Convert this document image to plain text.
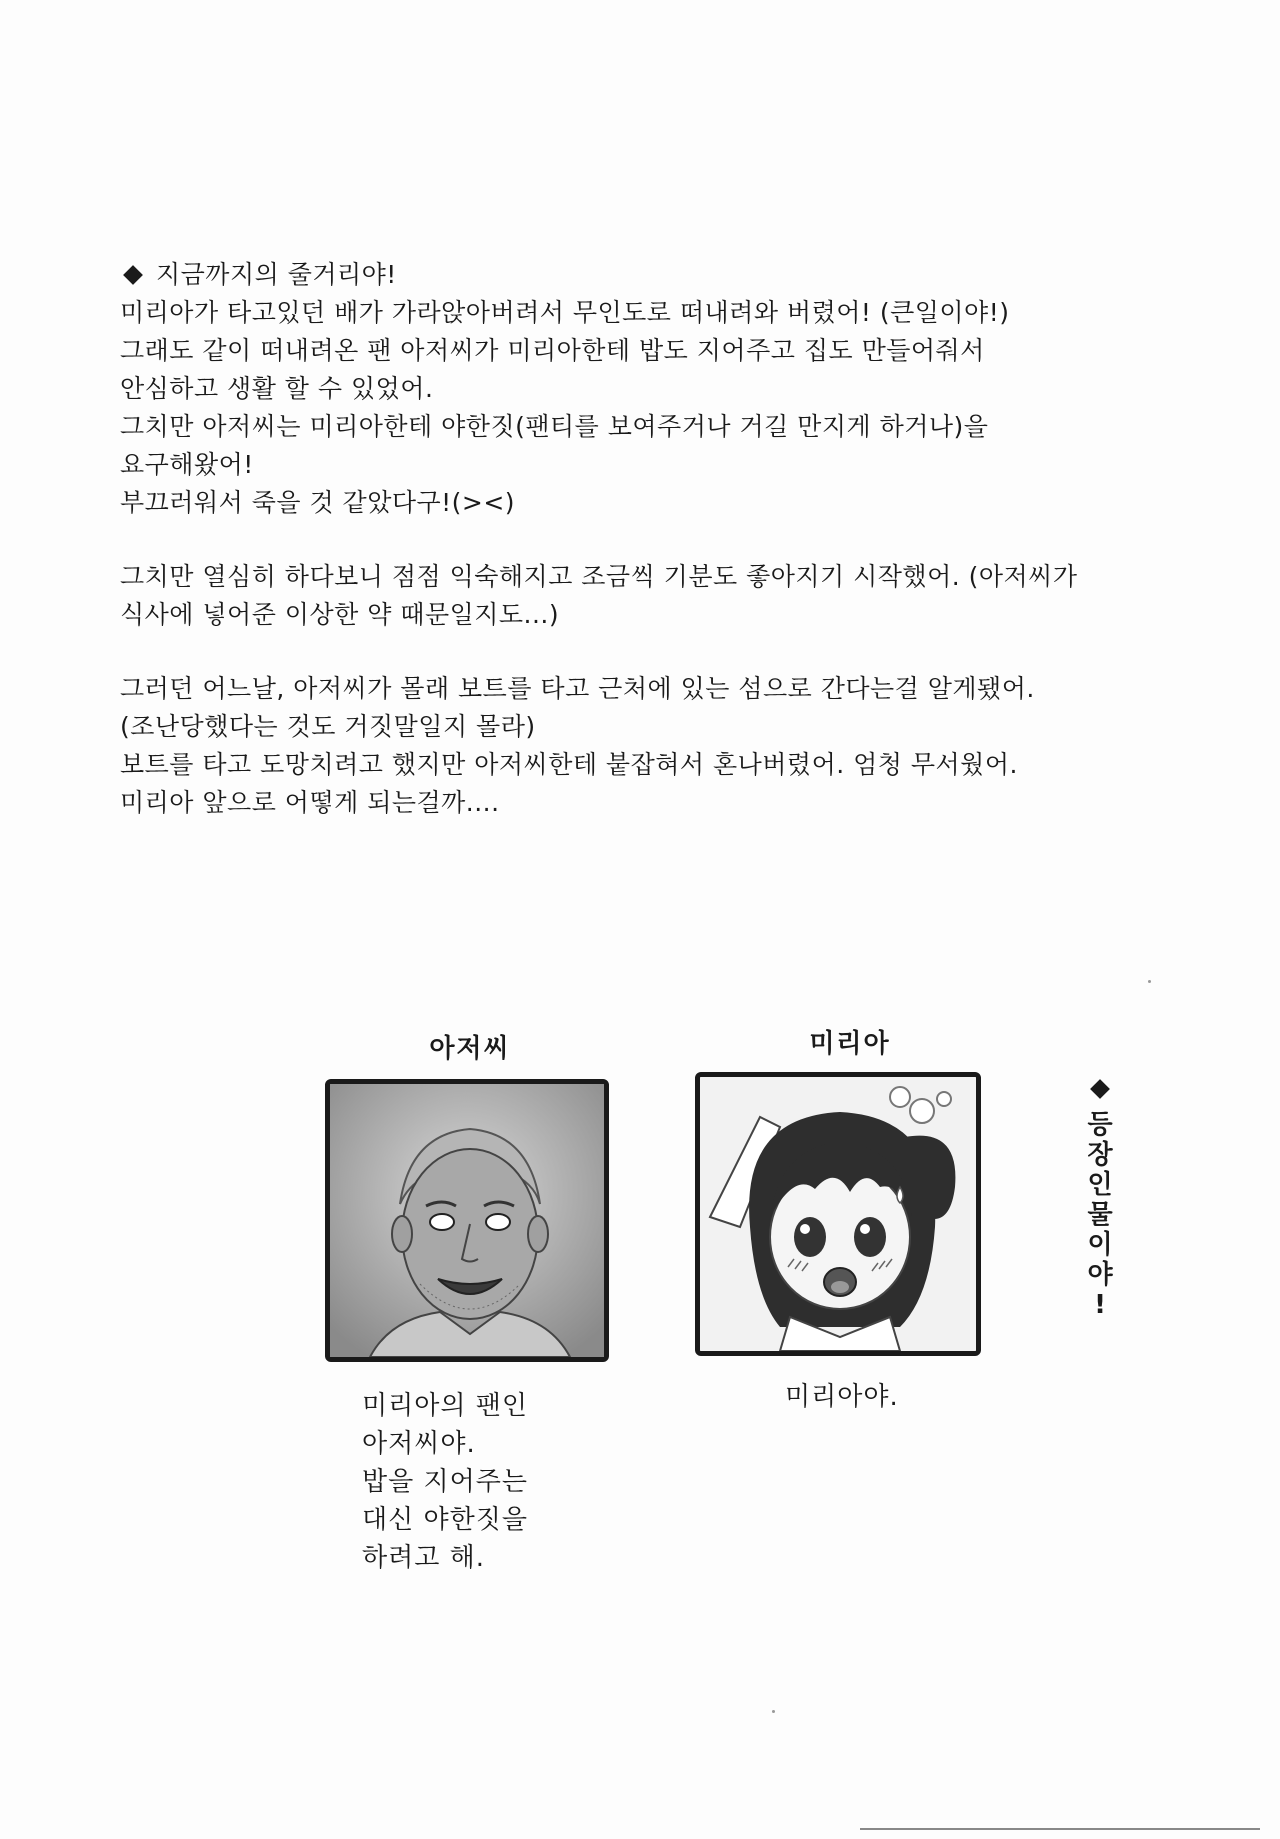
지금까지의 줄거리야!
미리아가 타고있던 배가 가라앉아버려서 무인도로 떠내려와 버렸어! (큰일이야!)
그래도 같이 떠내려온 팬 아저씨가 미리아한테 밥도 지어주고 집도 만들어줘서
안심하고 생활 할 수 있었어.
그치만 아저씨는 미리아한테 야한짓(팬티를 보여주거나 거길 만지게 하거나)을
요구해왔어!
부끄러워서 죽을 것 같았다구!(><)
그치만 열심히 하다보니 점점 익숙해지고 조금씩 기분도 좋아지기 시작했어. (아저씨가
식사에 넣어준 이상한 약 때문일지도...)
그러던 어느날, 아저씨가 몰래 보트를 타고 근처에 있는 섬으로 간다는걸 알게됐어.
(조난당했다는 것도 거짓말일지 몰라)
보트를 타고 도망치려고 했지만 아저씨한테 붙잡혀서 혼나버렸어. 엄청 무서웠어.
미리아 앞으로 어떻게 되는걸까....
아저씨
미리아의 팬인
아저씨야.
밥을 지어주는
대신 야한짓을
하려고 해.
미리아
미리아야.
등
장
인
물
이
야
!
